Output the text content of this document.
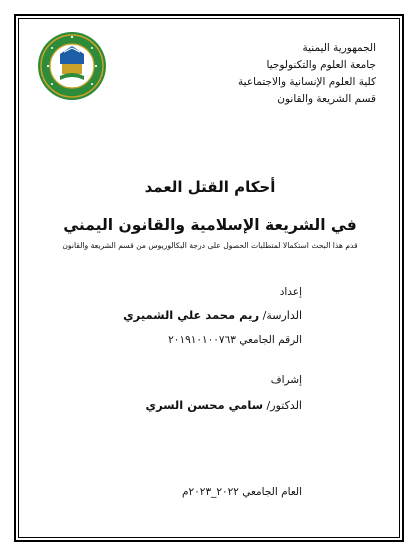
الجمهورية اليمنية
جامعة العلوم والتكنولوجيا
كلية العلوم الإنسانية والاجتماعية
قسم الشريعة والقانون
أحكام القتل العمد
في الشريعة الإسلامية والقانون اليمني
قدم هذا البحث استكمالا لمتطلبات الحصول على درجة البكالوريوس من قسم الشريعة والقانون
إعداد
الدارسة/ ريم محمد علي الشميري
الرقم الجامعي ٢٠١٩١٠١٠٠٧٦٣
إشراف
الدكتور/ سامي محسن السري
العام الجامعي ٢٠٢٢_٢٠٢٣م
